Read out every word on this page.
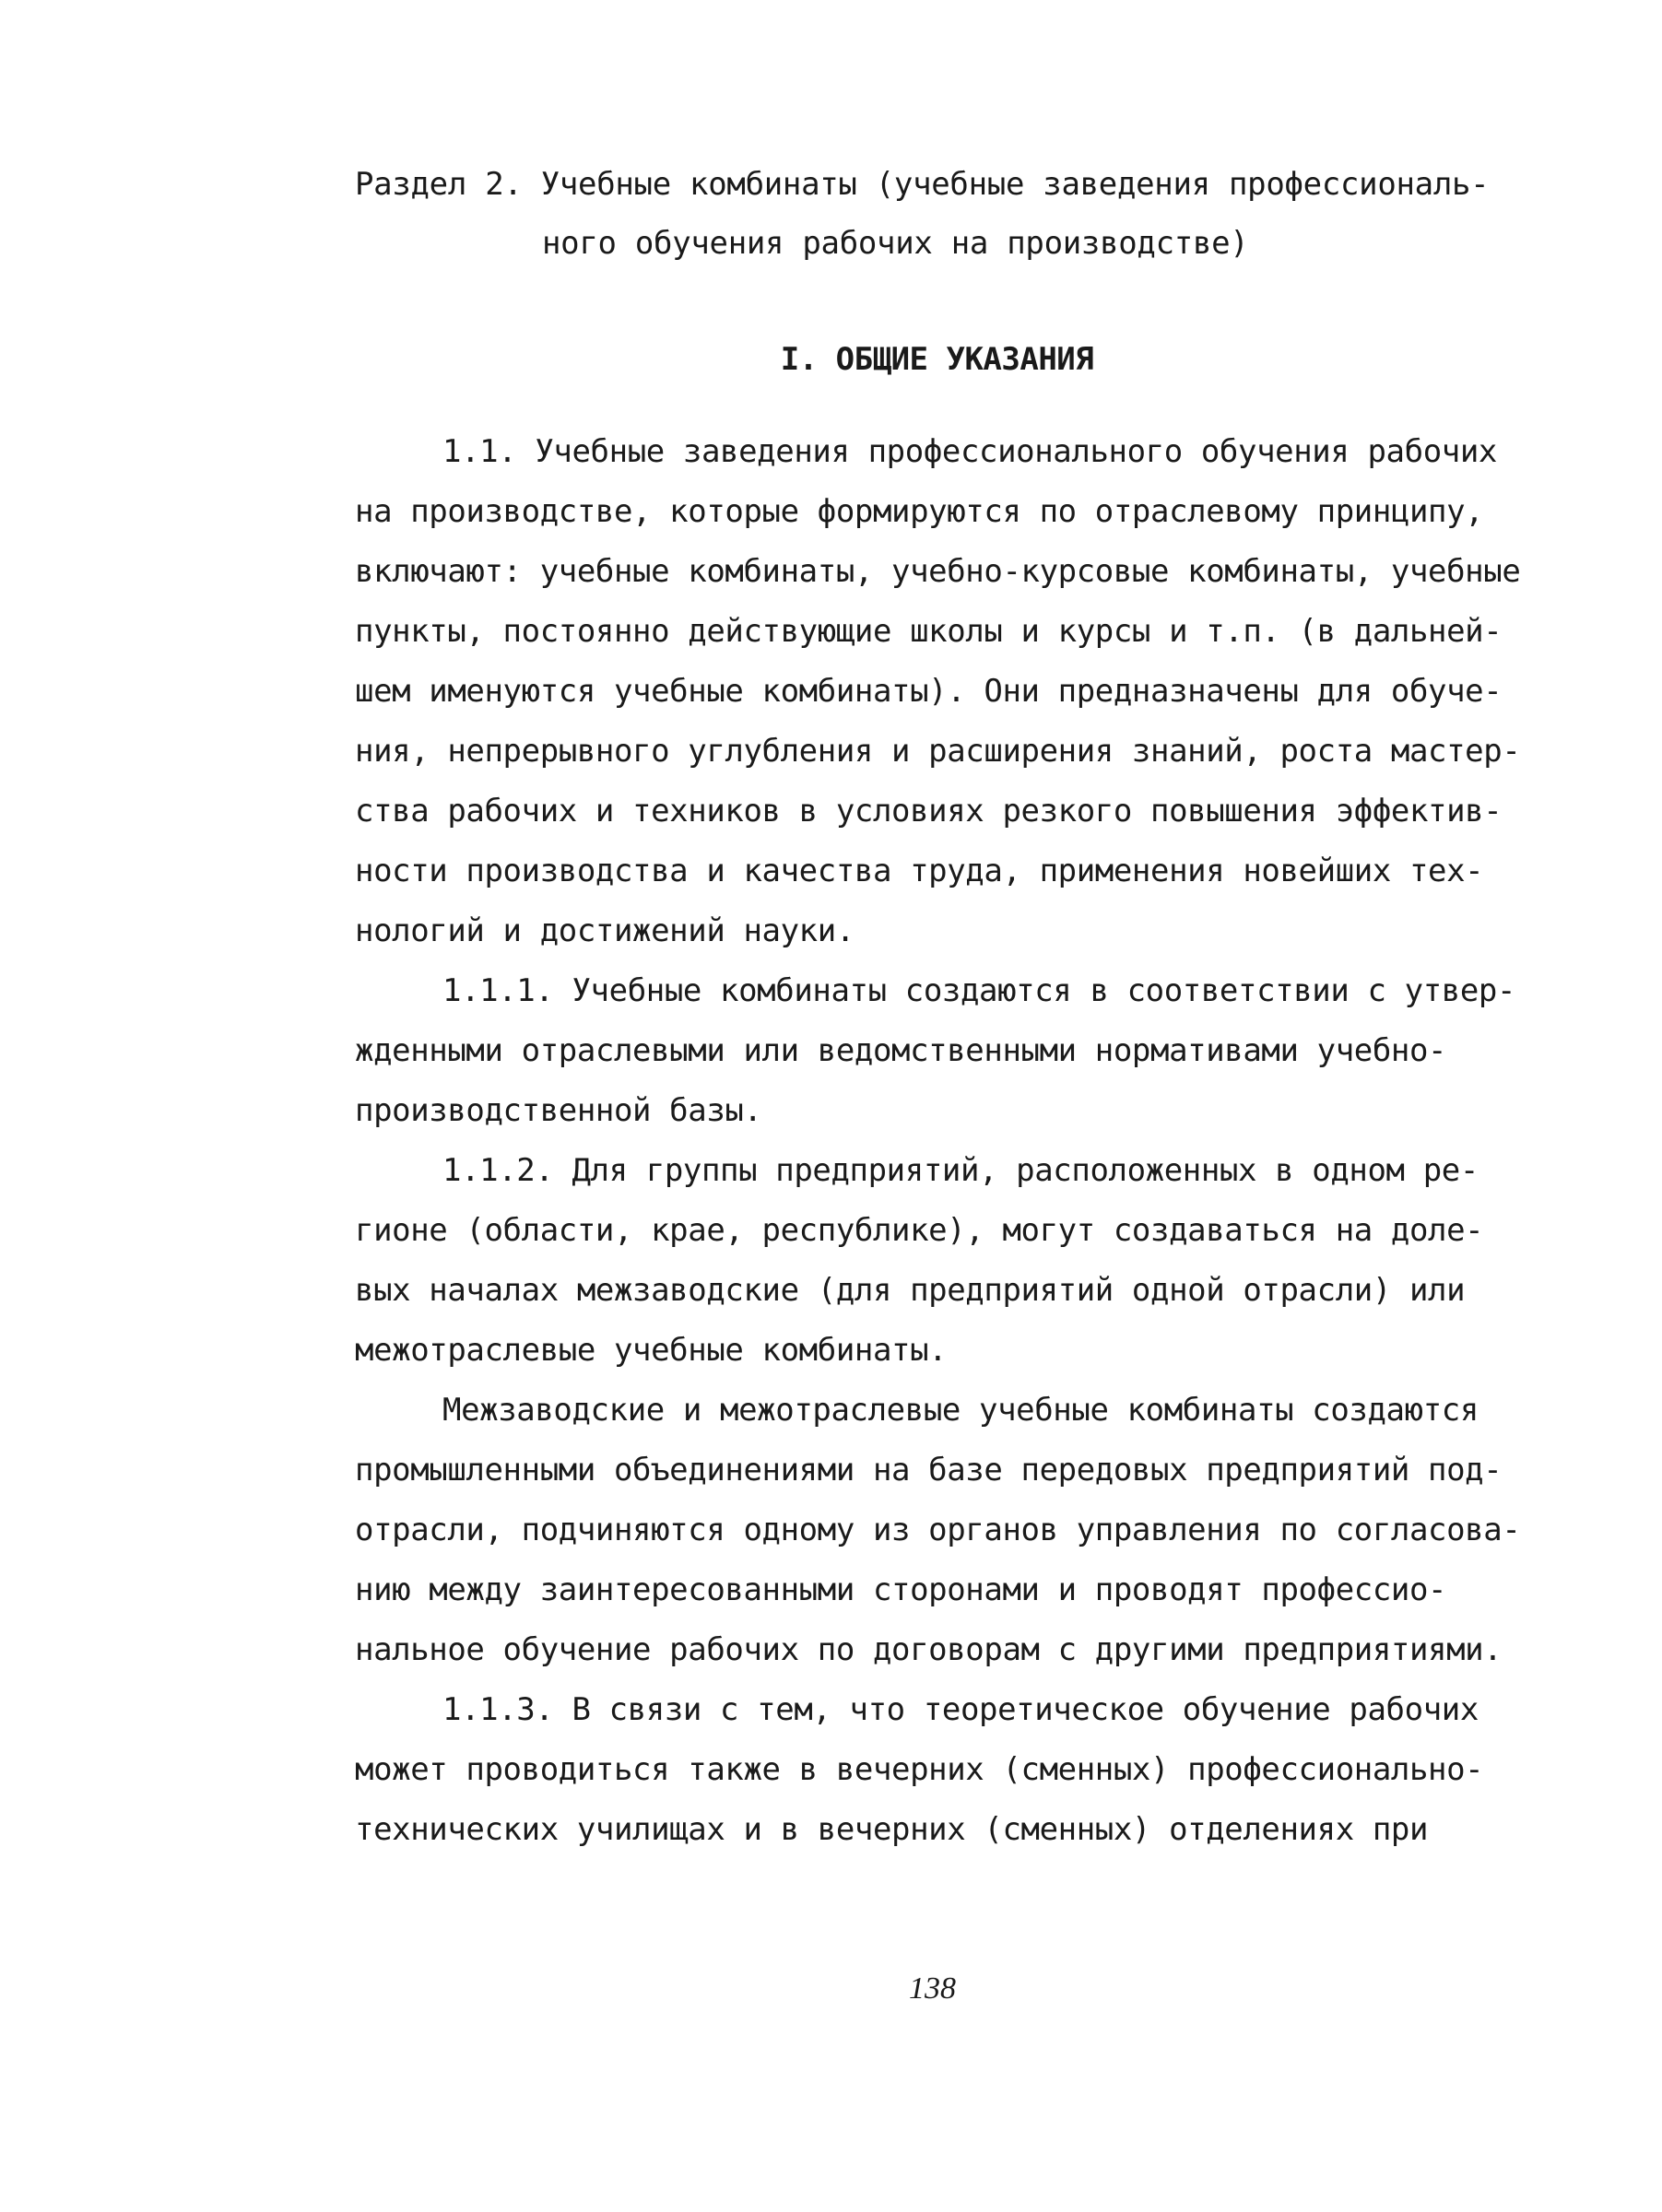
Раздел 2. Учебные комбинаты (учебные заведения профессиональ-
ного обучения рабочих на производстве)
I. ОБЩИЕ УКАЗАНИЯ

1.1. Учебные заведения профессионального обучения рабочих
на производстве, которые формируются по отраслевому принципу,
включают: учебные комбинаты, учебно-курсовые комбинаты, учебные
пункты, постоянно действующие школы и курсы и т.п. (в дальней-
шем именуются учебные комбинаты). Они предназначены для обуче-
ния, непрерывного углубления и расширения знаний, роста мастер-
ства рабочих и техников в условиях резкого повышения эффектив-
ности производства и качества труда, применения новейших тех-
нологий и достижений науки.

1.1.1. Учебные комбинаты создаются в соответствии с утвер-
жденными отраслевыми или ведомственными нормативами учебно-
производственной базы.

1.1.2. Для группы предприятий, расположенных в одном ре-
гионе (области, крае, республике), могут создаваться на доле-
вых началах межзаводские (для предприятий одной отрасли) или
межотраслевые учебные комбинаты.

Межзаводские и межотраслевые учебные комбинаты создаются
промышленными объединениями на базе передовых предприятий под-
отрасли, подчиняются одному из органов управления по согласова-
нию между заинтересованными сторонами и проводят профессио-
нальное обучение рабочих по договорам с другими предприятиями.

1.1.3. В связи с тем, что теоретическое обучение рабочих
может проводиться также в вечерних (сменных) профессионально-
технических училищах и в вечерних (сменных) отделениях при

138
